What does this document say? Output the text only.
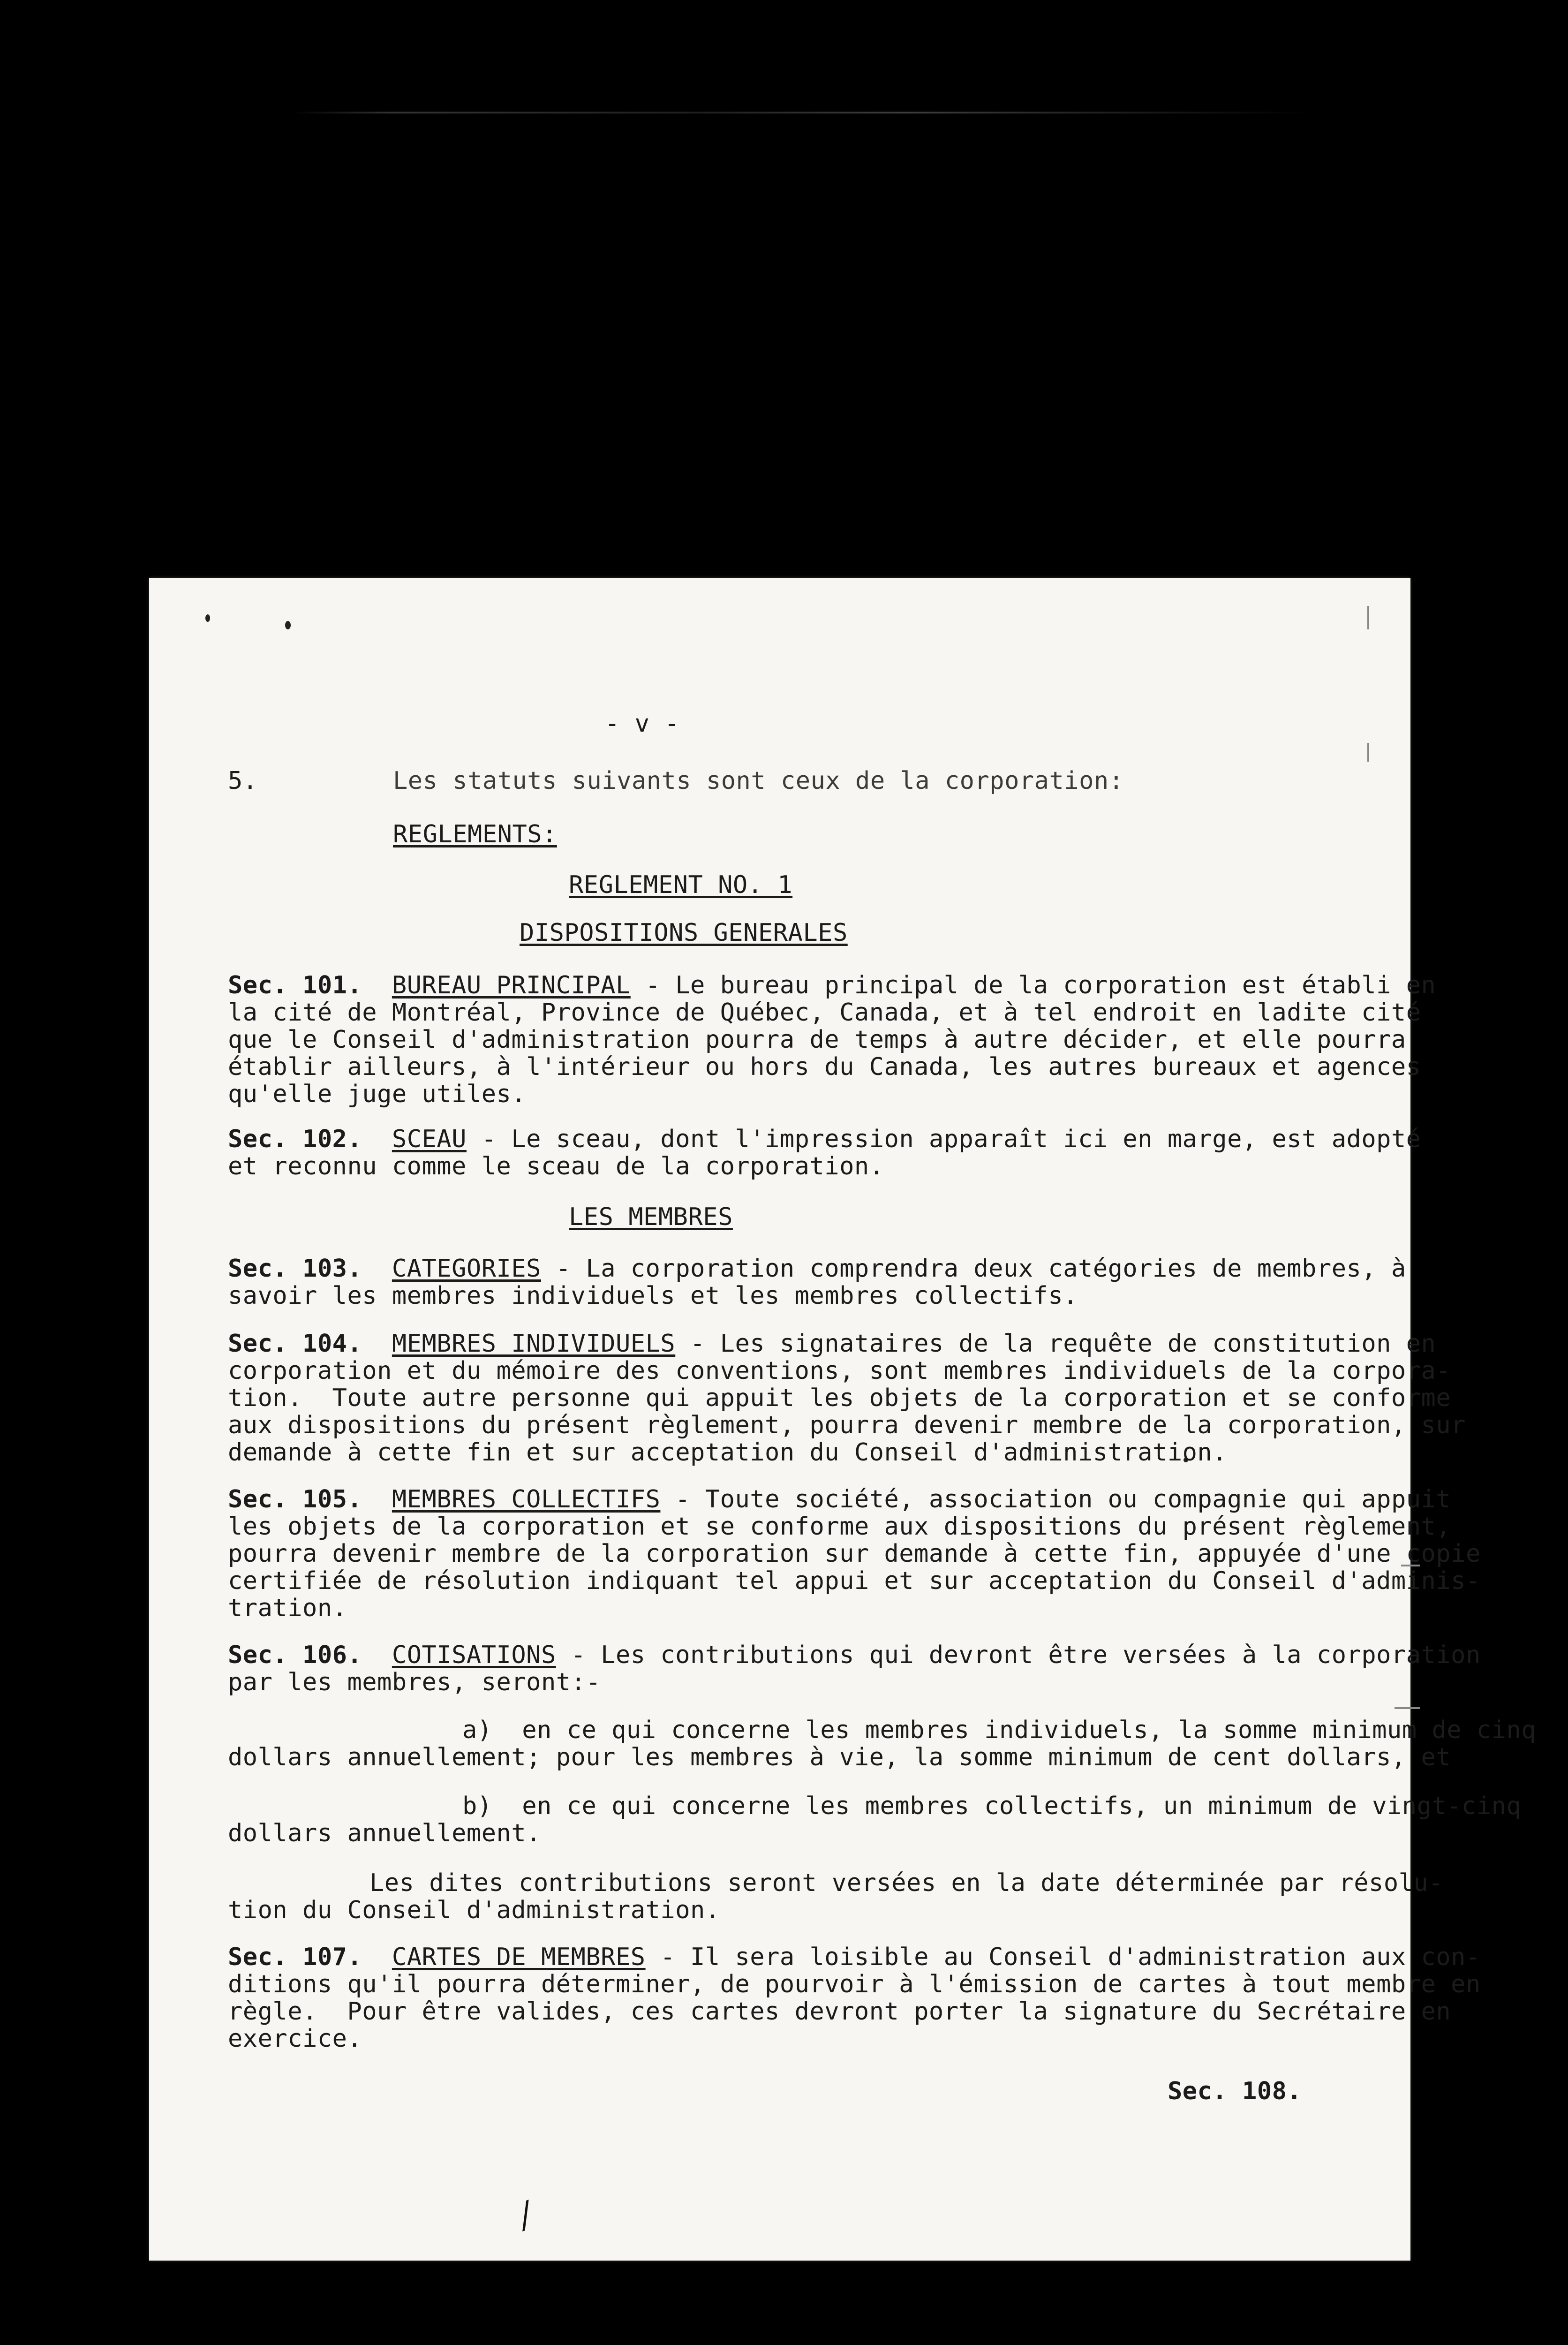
- v -
5.	Les statuts suivants sont ceux de la corporation:
REGLEMENTS:
REGLEMENT NO. 1
DISPOSITIONS GENERALES
Sec. 101. BUREAU PRINCIPAL - Le bureau principal de la corporation est établi en
la cité de Montréal, Province de Québec, Canada, et à tel endroit en ladite cité
que le Conseil d'administration pourra de temps à autre décider, et elle pourra
établir ailleurs, à l'intérieur ou hors du Canada, les autres bureaux et agences
qu'elle juge utiles.
Sec. 102. SCEAU - Le sceau, dont l'impression apparaît ici en marge, est adopté
et reconnu comme le sceau de la corporation.
LES MEMBRES
Sec. 103. CATEGORIES - La corporation comprendra deux catégories de membres, à
savoir les membres individuels et les membres collectifs.
Sec. 104. MEMBRES INDIVIDUELS - Les signataires de la requête de constitution en
corporation et du mémoire des conventions, sont membres individuels de la corpora-
tion.  Toute autre personne qui appuit les objets de la corporation et se conforme
aux dispositions du présent règlement, pourra devenir membre de la corporation, sur
demande à cette fin et sur acceptation du Conseil d'administration.
Sec. 105. MEMBRES COLLECTIFS - Toute société, association ou compagnie qui appuit
les objets de la corporation et se conforme aux dispositions du présent règlement,
pourra devenir membre de la corporation sur demande à cette fin, appuyée d'une copie
certifiée de résolution indiquant tel appui et sur acceptation du Conseil d'adminis-
tration.
Sec. 106. COTISATIONS - Les contributions qui devront être versées à la corporation
par les membres, seront:-
a)  en ce qui concerne les membres individuels, la somme minimum de cinq
dollars annuellement; pour les membres à vie, la somme minimum de cent dollars, et
b)  en ce qui concerne les membres collectifs, un minimum de vingt-cinq
dollars annuellement.
Les dites contributions seront versées en la date déterminée par résolu-
tion du Conseil d'administration.
Sec. 107. CARTES DE MEMBRES - Il sera loisible au Conseil d'administration aux con-
ditions qu'il pourra déterminer, de pourvoir à l'émission de cartes à tout membre en
règle.  Pour être valides, ces cartes devront porter la signature du Secrétaire en
exercice.
Sec. 108.
/
